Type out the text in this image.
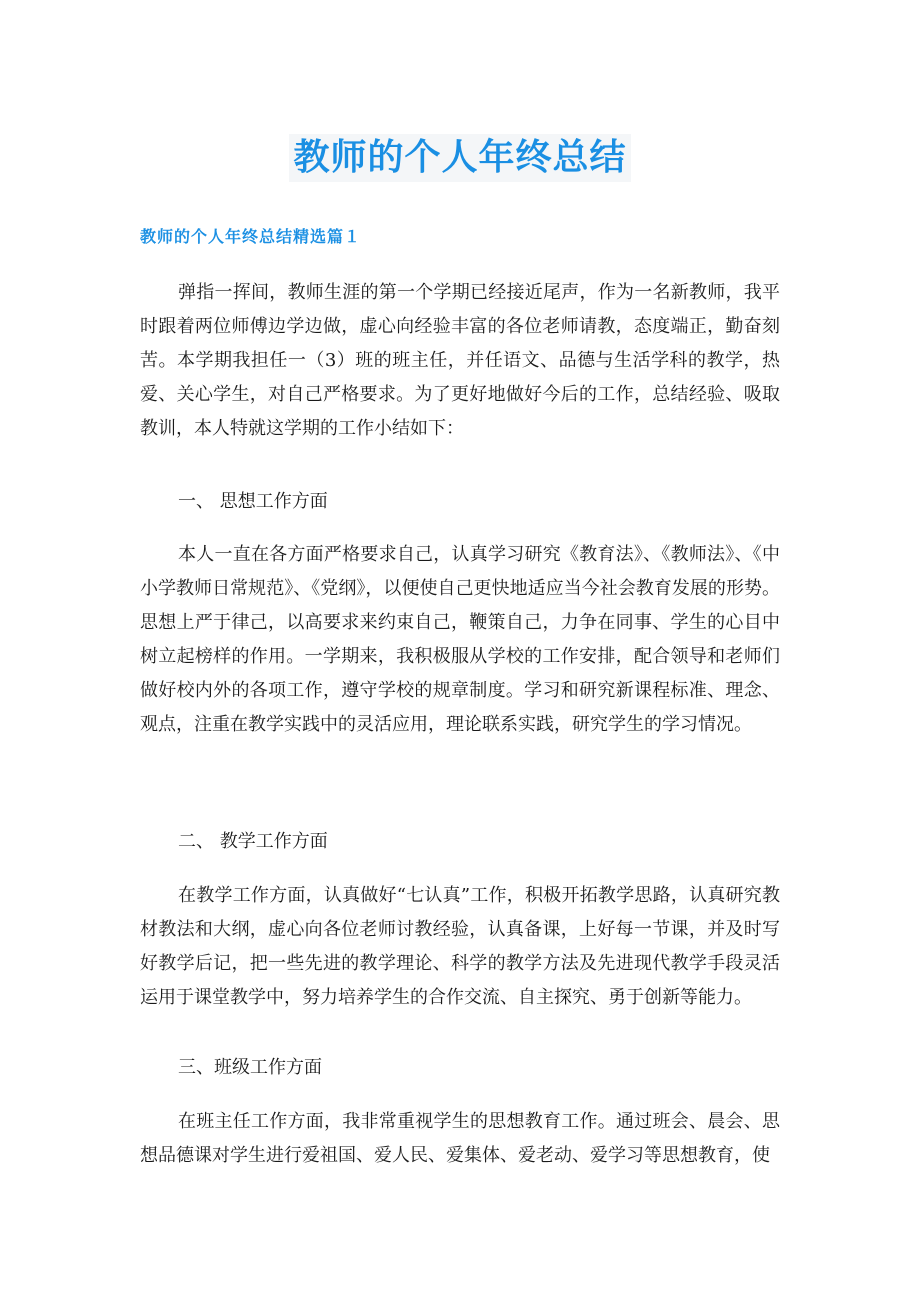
教师的个人年终总结
教师的个人年终总结精选篇１

弹指一挥间，教师生涯的第一个学期已经接近尾声，作为一名新教师，我平时跟着两位师傅边学边做，虚心向经验丰富的各位老师请教，态度端正，勤奋刻苦。本学期我担任一（3）班的班主任，并任语文、品德与生活学科的教学，热爱、关心学生，对自己严格要求。为了更好地做好今后的工作，总结经验、吸取教训，本人特就这学期的工作小结如下：

一、 思想工作方面

本人一直在各方面严格要求自己，认真学习研究《教育法》、《教师法》、《中小学教师日常规范》、《党纲》，以便使自己更快地适应当今社会教育发展的形势。思想上严于律己，以高要求来约束自己，鞭策自己，力争在同事、学生的心目中树立起榜样的作用。一学期来，我积极服从学校的工作安排，配合领导和老师们做好校内外的各项工作，遵守学校的规章制度。学习和研究新课程标准、理念、观点，注重在教学实践中的灵活应用，理论联系实践，研究学生的学习情况。

二、 教学工作方面

在教学工作方面，认真做好“七认真”工作，积极开拓教学思路，认真研究教材教法和大纲，虚心向各位老师讨教经验，认真备课，上好每一节课，并及时写好教学后记，把一些先进的教学理论、科学的教学方法及先进现代教学手段灵活运用于课堂教学中，努力培养学生的合作交流、自主探究、勇于创新等能力。

三、班级工作方面

在班主任工作方面，我非常重视学生的思想教育工作。通过班会、晨会、思想品德课对学生进行爱祖国、爱人民、爱集体、爱老动、爱学习等思想教育，使
